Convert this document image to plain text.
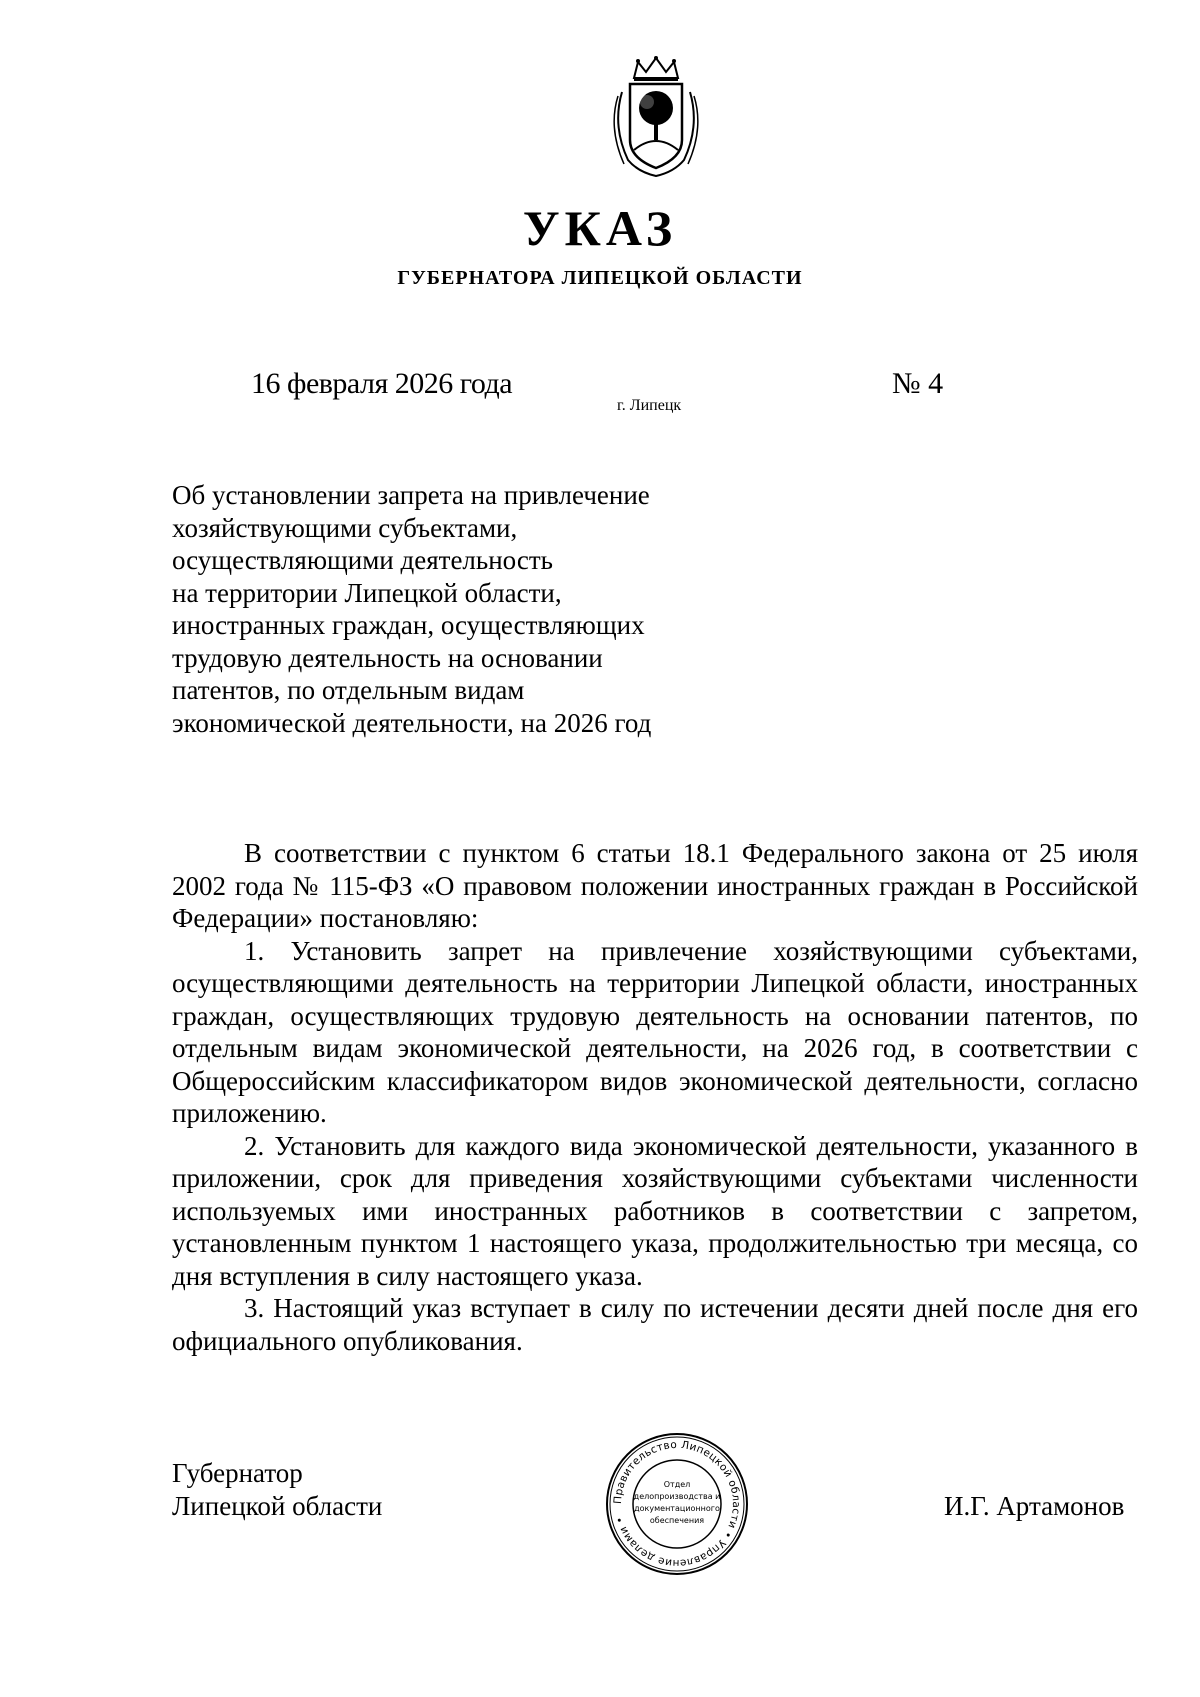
УКАЗ
ГУБЕРНАТОРА ЛИПЕЦКОЙ ОБЛАСТИ
16 февраля 2026 года
г. Липецк
№ 4
Об установлении запрета на привлечение
хозяйствующими субъектами,
осуществляющими деятельность
на территории Липецкой области,
иностранных граждан, осуществляющих
трудовую деятельность на основании
патентов, по отдельным видам
экономической деятельности, на 2026 год

В соответствии с пунктом 6 статьи 18.1 Федерального закона от 25 июля 2002 года № 115-ФЗ «О правовом положении иностранных граждан в Российской Федерации» постановляю:

1. Установить запрет на привлечение хозяйствующими субъектами, осуществляющими деятельность на территории Липецкой области, иностранных граждан, осуществляющих трудовую деятельность на основании патентов, по отдельным видам экономической деятельности, на 2026 год, в соответствии с Общероссийским классификатором видов экономической деятельности, согласно приложению.

2. Установить для каждого вида экономической деятельности, указанного в приложении, срок для приведения хозяйствующими субъектами численности используемых ими иностранных работников в соответствии с запретом, установленным пунктом 1 настоящего указа, продолжительностью три месяца, со дня вступления в силу настоящего указа.

3. Настоящий указ вступает в силу по истечении десяти дней после дня его официального опубликования.

Губернатор
Липецкой области	Правительство Липецкой области • Управление делами •
Отдел
делопроизводства и
документационного
обеспечения	И.Г. Артамонов
